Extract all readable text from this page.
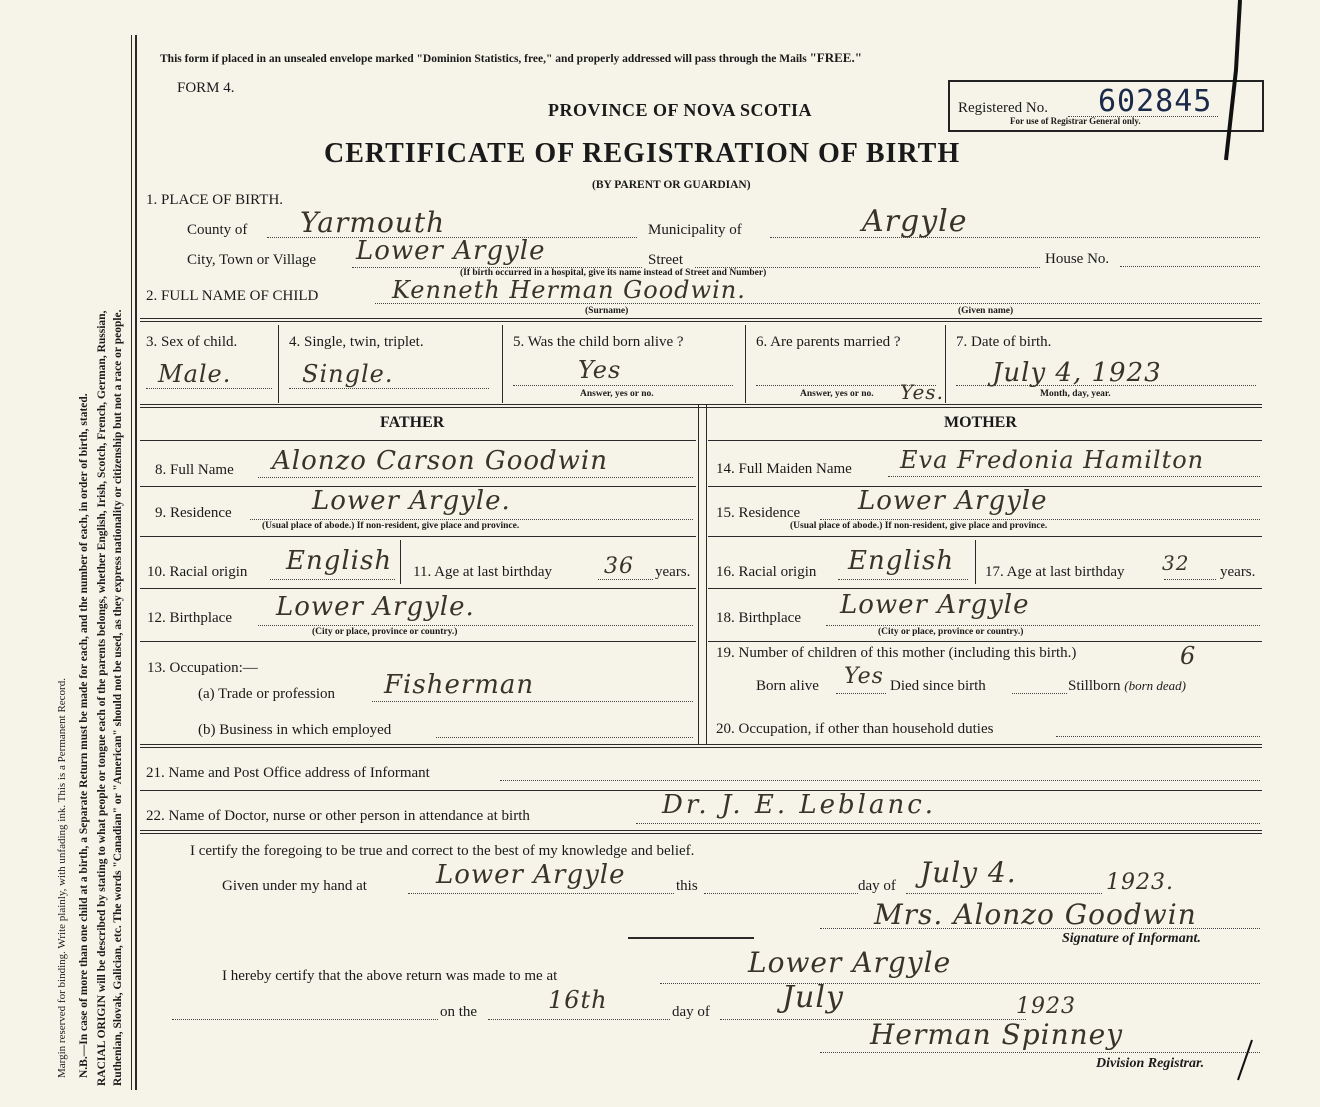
Margin reserved for binding. Write plainly, with unfading ink. This is a Permanent Record. N.B.—In case of more than one child at a birth, a Separate Return must be made for each, and the number of each, in order of birth, stated. RACIAL ORIGIN will be described by stating to what people or tongue each of the parents belongs, whether English, Irish, Scotch, French, German, Russian, Ruthenian, Slovak, Galician, etc. The words "Canadian" or "American" should not be used, as they express nationality or citizenship but not a race or people.
This form if placed in an unsealed envelope marked "Dominion Statistics, free," and properly addressed will pass through the Mails "FREE."
FORM 4.
PROVINCE OF NOVA SCOTIA
CERTIFICATE OF REGISTRATION OF BIRTH
(BY PARENT OR GUARDIAN)
Registered No. 602845
For use of Registrar General only.
1. PLACE OF BIRTH.
County of Yarmouth	Municipality of	Argyle
City, Town or Village Lower Argyle	Street	House No.
(If birth occurred in a hospital, give its name instead of Street and Number)
2. FULL NAME OF CHILD	Kenneth Herman Goodwin.
(Surname)	(Given name)
3. Sex of child.
Male.
4. Single, twin, triplet.
Single.
5. Was the child born alive ?
Yes
Answer, yes or no.
6. Are parents married ?
Answer, yes or no. Yes.
7. Date of birth.
July 4, 1923
Month, day, year.
FATHER
8. Full Name Alonzo Carson Goodwin
9. Residence	Lower Argyle.
(Usual place of abode.) If non-resident, give place and province.
10. Racial origin English 11. Age at last birthday 36 years.
12. Birthplace Lower Argyle.
(City or place, province or country.)
13. Occupation:—
(a) Trade or profession Fisherman
(b) Business in which employed
MOTHER
14. Full Maiden Name Eva Fredonia Hamilton
15. Residence Lower Argyle
(Usual place of abode.) If non-resident, give place and province.
16. Racial origin English 17. Age at last birthday 32 years.
18. Birthplace Lower Argyle
(City or place, province or country.)
19. Number of children of this mother (including this birth.)	6
Born alive Yes Died since birth	Stillborn (born dead)
20. Occupation, if other than household duties
21. Name and Post Office address of Informant
22. Name of Doctor, nurse or other person in attendance at birth	Dr. J. E. Leblanc.
I certify the foregoing to be true and correct to the best of my knowledge and belief.
Given under my hand at	Lower Argyle	this	day of July 4.	1923.
Mrs. Alonzo Goodwin
Signature of Informant.
I hereby certify that the above return was made to me at	Lower Argyle
on the	16th	day of July	1923
Herman Spinney
Division Registrar.
